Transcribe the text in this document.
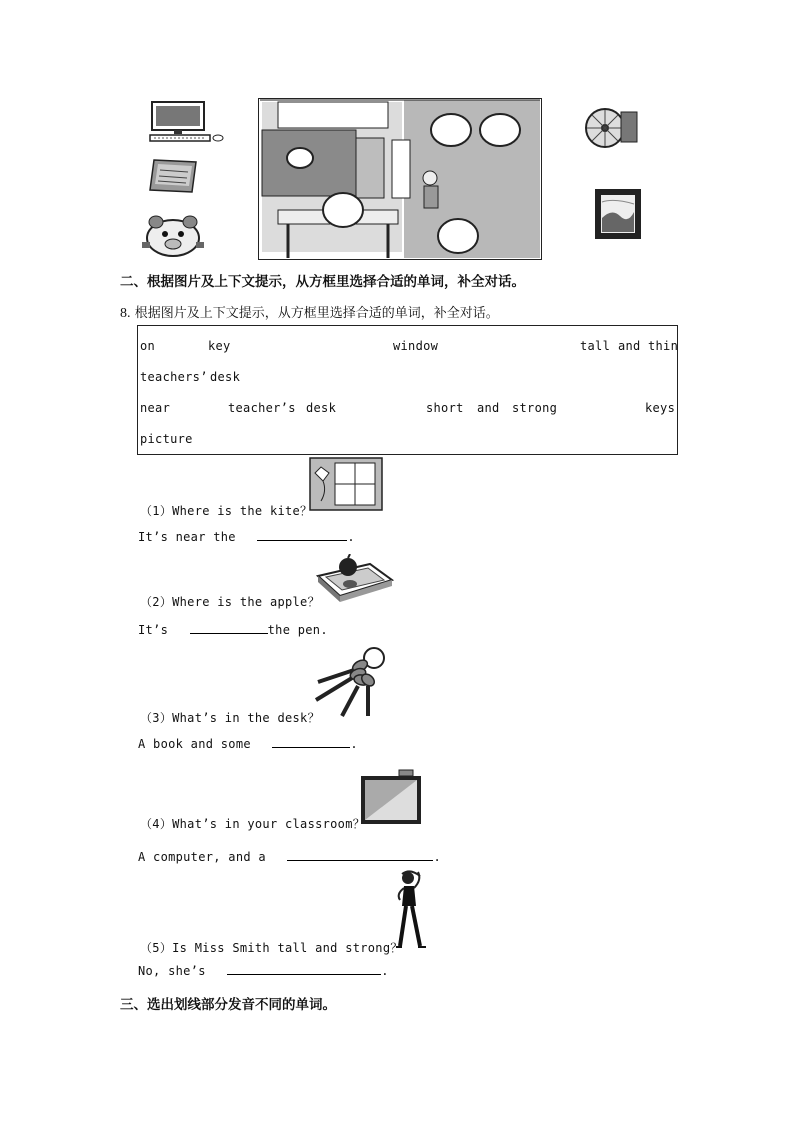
二、根据图片及上下文提示，从方框里选择合适的单词，补全对话。
8. 根据图片及上下文提示，从方框里选择合适的单词，补全对话。
on	key	window	tall and thin
teachers’ desk
near	teacher’s desk	short and strong	keys
picture
（1）Where is the kite？
It’s near the	.
（2）Where is the apple？
It’s	the pen.
（3）What’s in the desk？
A book and some	.
（4）What’s in your classroom？
A computer, and a	.
（5）Is Miss Smith tall and strong？
No, she’s	.
三、选出划线部分发音不同的单词。
